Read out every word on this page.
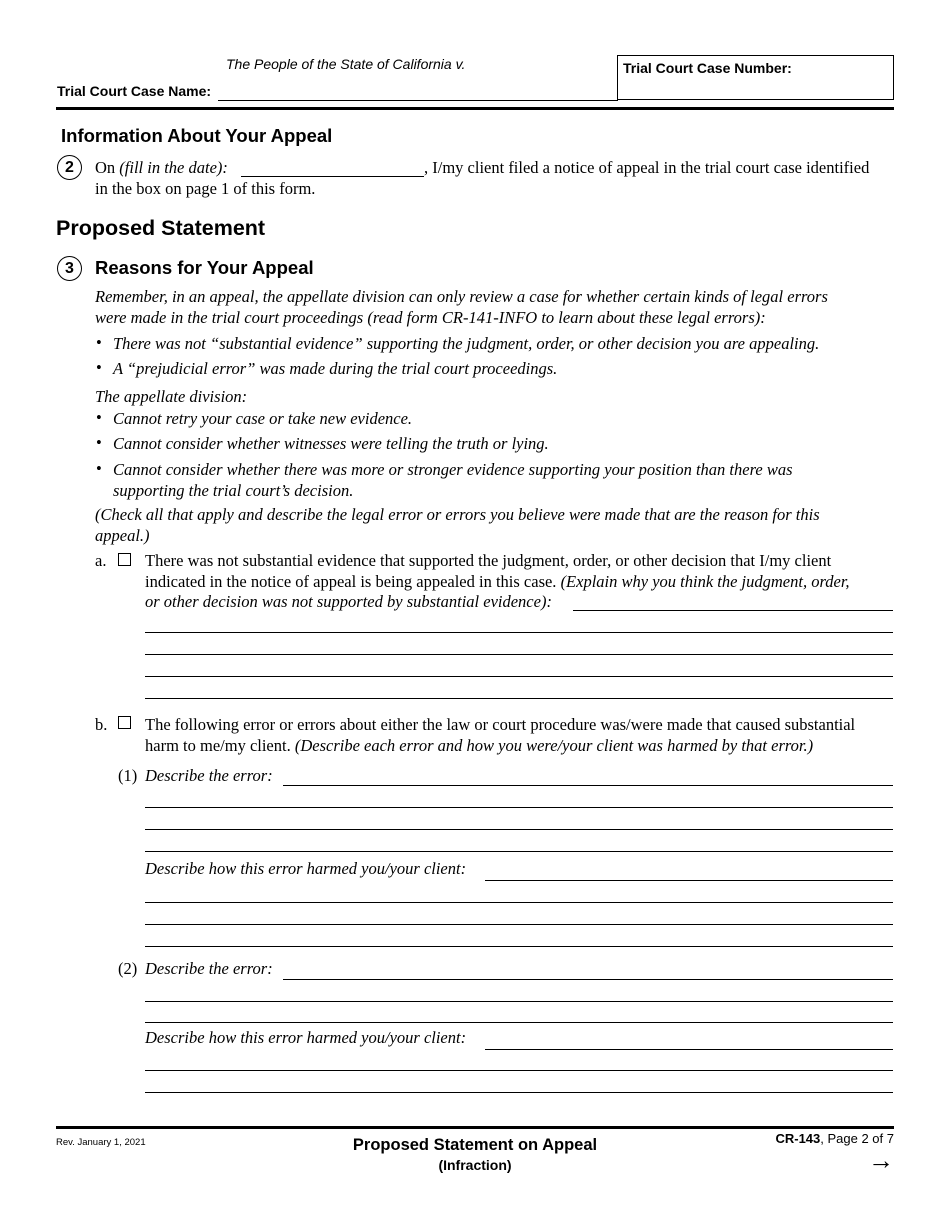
The People of the State of California v.
Trial Court Case Name:
Trial Court Case Number:
Information About Your Appeal
2	On (fill in the date):	, I/my client filed a notice of appeal in the trial court case identified
in the box on page 1 of this form.
Proposed Statement
3	Reasons for Your Appeal
Remember, in an appeal, the appellate division can only review a case for whether certain kinds of legal errors
were made in the trial court proceedings (read form CR-141-INFO to learn about these legal errors):
• There was not “substantial evidence” supporting the judgment, order, or other decision you are appealing.
• A “prejudicial error” was made during the trial court proceedings.
The appellate division:
• Cannot retry your case or take new evidence.
• Cannot consider whether witnesses were telling the truth or lying.
• Cannot consider whether there was more or stronger evidence supporting your position than there was
supporting the trial court’s decision.
(Check all that apply and describe the legal error or errors you believe were made that are the reason for this
appeal.)
a. There was not substantial evidence that supported the judgment, order, or other decision that I/my client
indicated in the notice of appeal is being appealed in this case. (Explain why you think the judgment, order,
or other decision was not supported by substantial evidence):
b. The following error or errors about either the law or court procedure was/were made that caused substantial
harm to me/my client. (Describe each error and how you were/your client was harmed by that error.)
(1) Describe the error:
Describe how this error harmed you/your client:
(2) Describe the error:
Describe how this error harmed you/your client:
Rev. January 1, 2021	Proposed Statement on Appeal
(Infraction)
CR-143, Page 2 of 7
→
